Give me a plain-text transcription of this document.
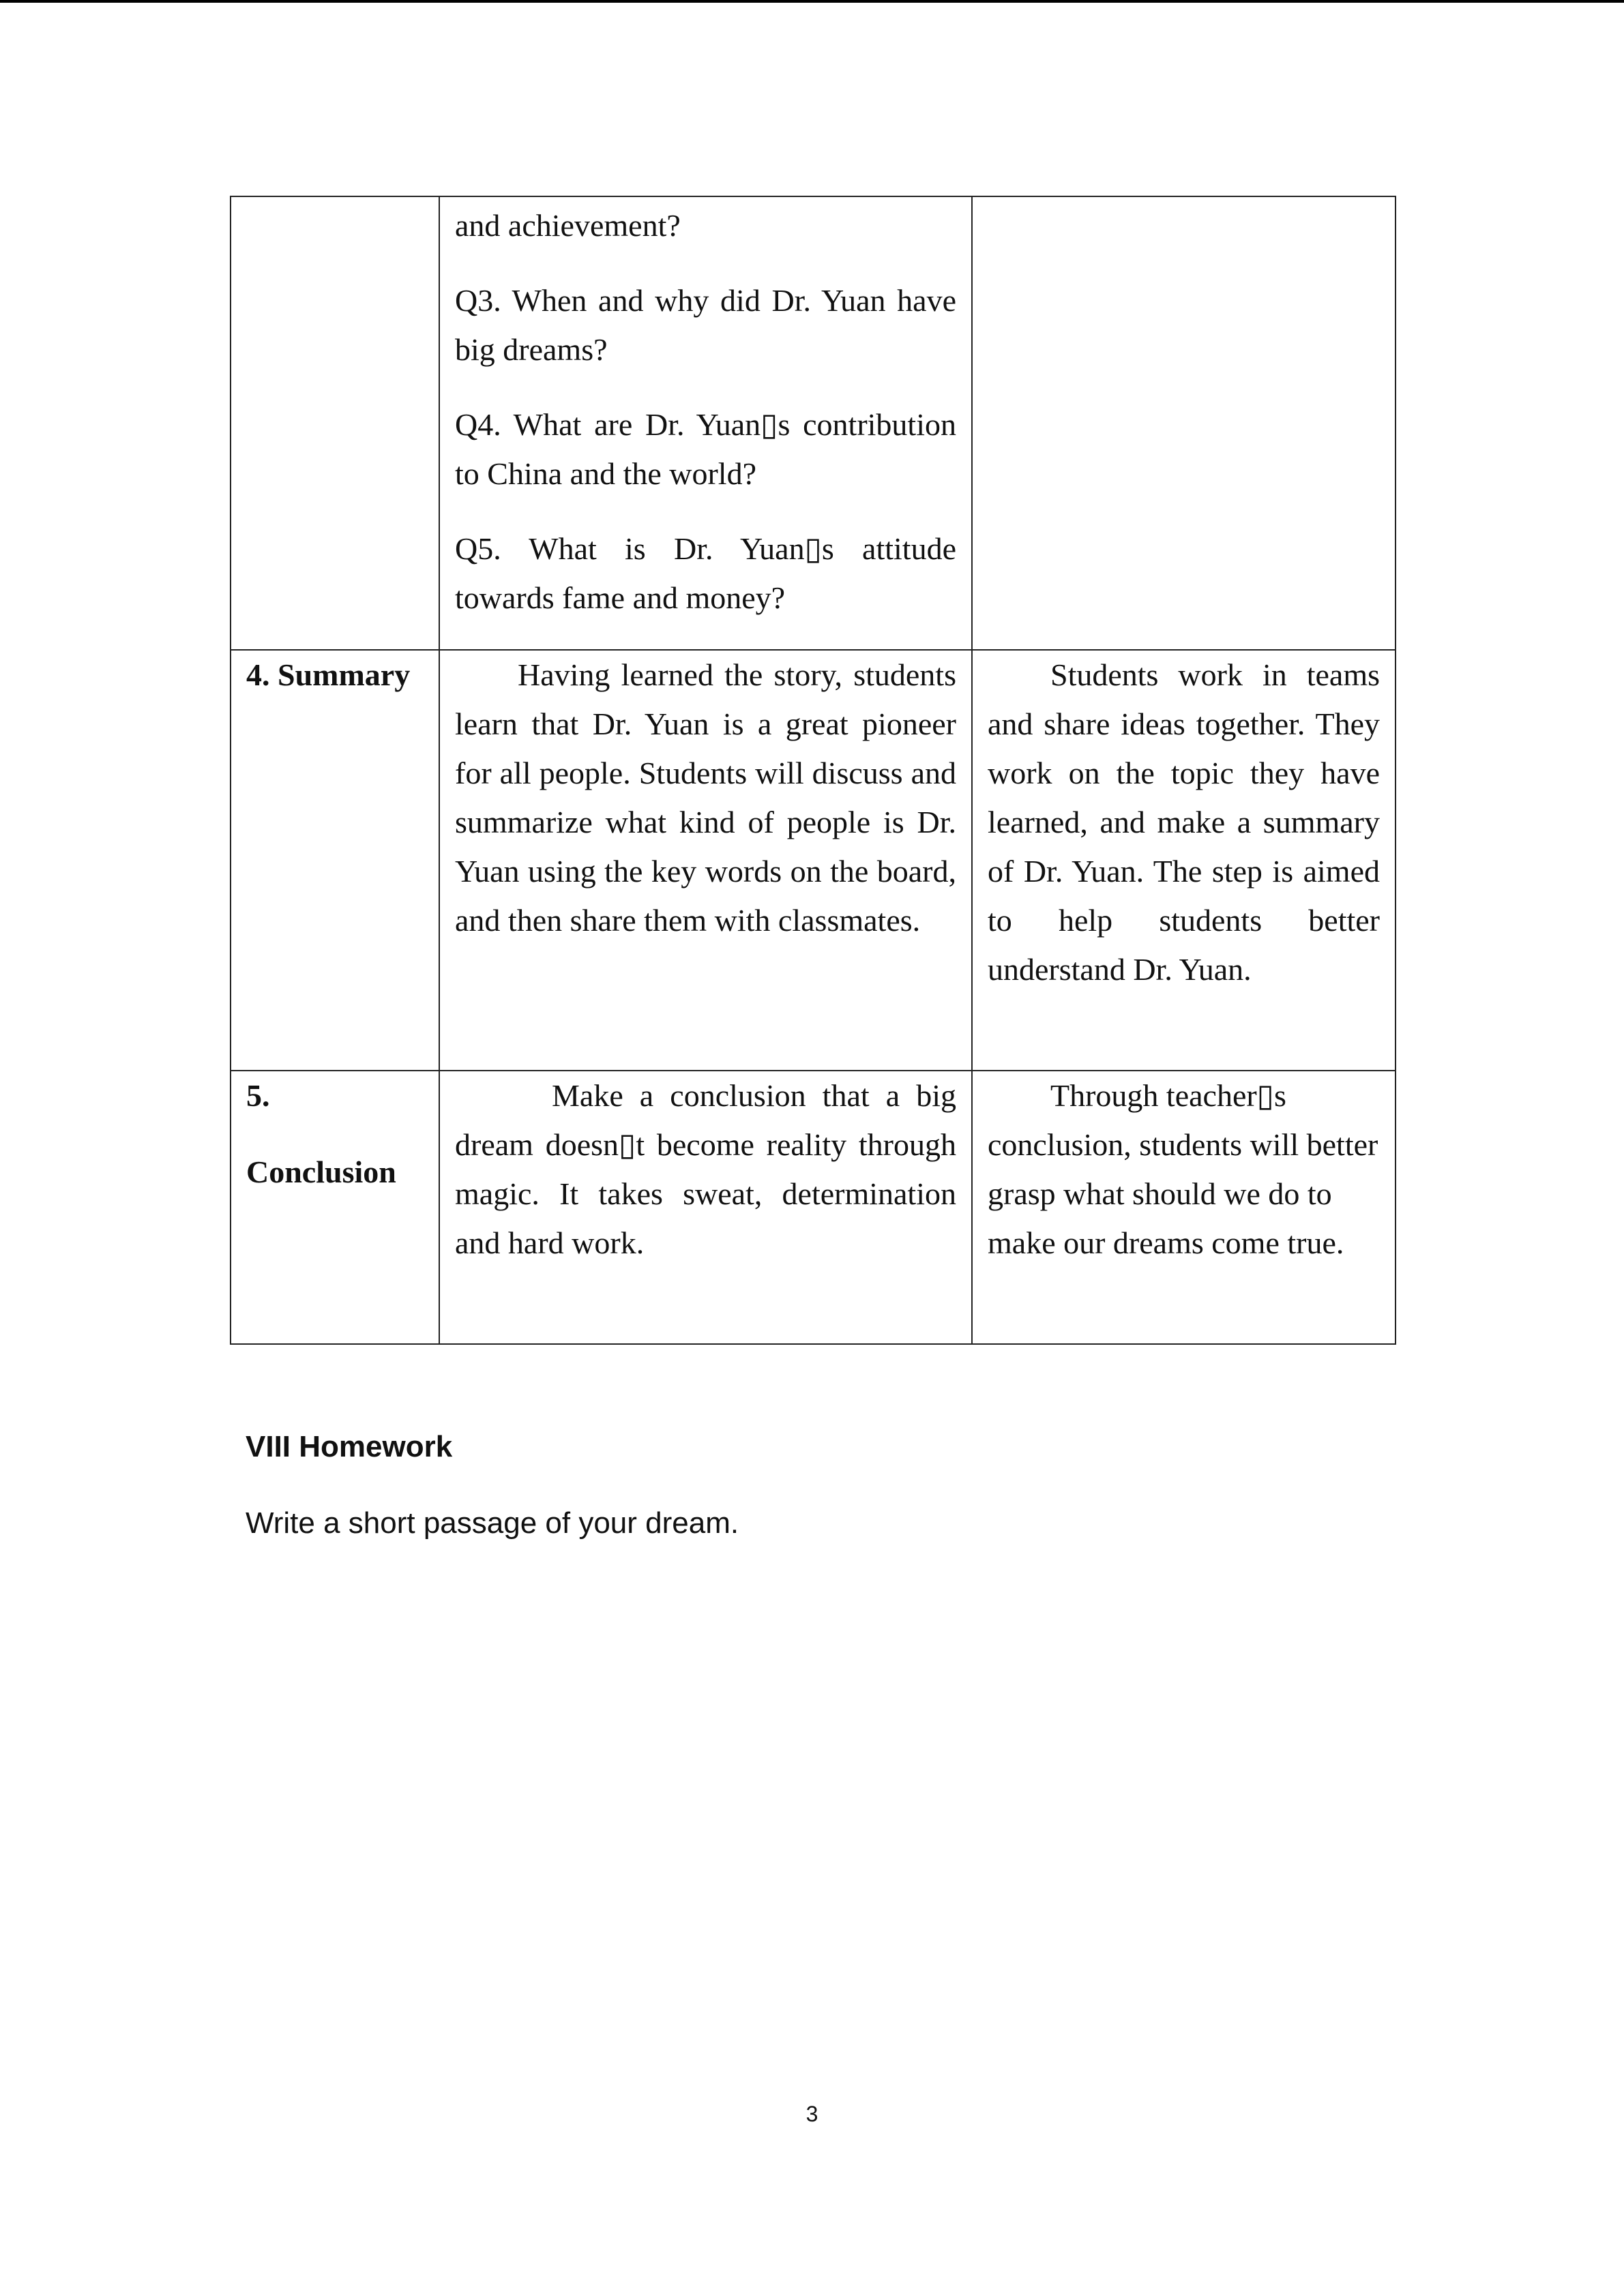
	and achievement?

Q3. When and why did Dr. Yuan have big dreams?

Q4. What are Dr. Yuan▯s contribution to China and the world?

Q5. What is Dr. Yuan▯s attitude towards fame and money?	

4. Summary	Having learned the story, students learn that Dr. Yuan is a great pioneer for all people. Students will discuss and summarize what kind of people is Dr. Yuan using the key words on the board, and then share them with classmates.	Students work in teams and share ideas together. They work on the topic they have learned, and make a summary of Dr. Yuan. The step is aimed to help students better understand Dr. Yuan.

5.

Conclusion	Make a conclusion that a big dream doesn▯t become reality through magic. It takes sweat, determination and hard work.	Through teacher▯s conclusion, students will better grasp what should we do to make our dreams come true.

VIII Homework

Write a short passage of your dream.

3
